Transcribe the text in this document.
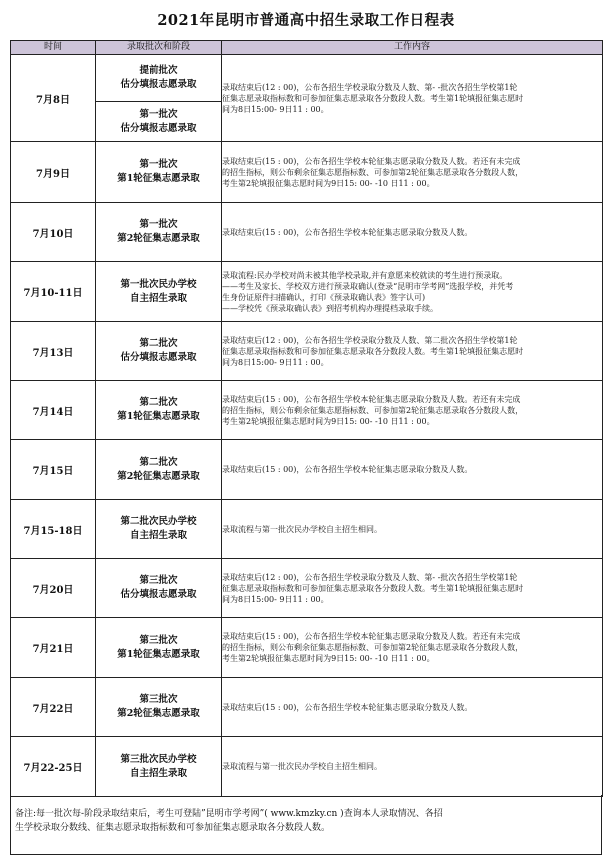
2021年昆明市普通高中招生录取工作日程表
时间	录取批次和阶段	工作内容
7月8日	提前批次
估分填报志愿录取	录取结束后(12 : 00)，公布各招生学校录取分数及人数、第- -批次各招生学校第1轮
征集志愿录取指标数和可参加征集志愿录取各分数段人数。考生第1轮填报征集志愿时
间为8日15:00- 9日11 : 00。

	第一批次
估分填报志愿录取	

7月9日	第一批次
第1轮征集志愿录取	录取结束后(15 : 00)，公布各招生学校本轮征集志愿录取分数及人数。若还有未完成
的招生指标，则公布剩余征集志愿指标数、可参加第2轮征集志愿录取各分数段人数，
考生第2轮填报征集志愿时间为9日15: 00- -10 日11 : 00。

7月10日	第一批次
第2轮征集志愿录取	录取结束后(15 : 00)，公布各招生学校本轮征集志愿录取分数及人数。

7月10-11日	第一批次民办学校
自主招生录取	录取流程:民办学校对尚未被其他学校录取,并有意愿来校就读的考生进行预录取。
——考生及家长、学校双方进行预录取确认(登录“昆明市学考网”选报学校，并凭考
生身份证原件扫描确认，打印《预录取确认表》签字认可)
——学校凭《预录取确认表》到招考机构办理提档录取手续。

7月13日	第二批次
估分填报志愿录取	录取结束后(12 : 00)，公布各招生学校录取分数及人数、第二批次各招生学校第1轮
征集志愿录取指标数和可参加征集志愿录取各分数段人数。考生第1轮填报征集志愿时
间为8日15:00- 9日11 : 00。

7月14日	第二批次
第1轮征集志愿录取	录取结束后(15 : 00)，公布各招生学校本轮征集志愿录取分数及人数。若还有未完成
的招生指标，则公布剩余征集志愿指标数、可参加第2轮征集志愿录取各分数段人数，
考生第2轮填报征集志愿时间为9日15: 00- -10 日11 : 00。

7月15日	第二批次
第2轮征集志愿录取	录取结束后(15 : 00)，公布各招生学校本轮征集志愿录取分数及人数。

7月15-18日	第二批次民办学校
自主招生录取	录取流程与第一批次民办学校自主招生相同。

7月20日	第三批次
估分填报志愿录取	录取结束后(12 : 00)，公布各招生学校录取分数及人数、第- -批次各招生学校第1轮
征集志愿录取指标数和可参加征集志愿录取各分数段人数。考生第1轮填报征集志愿时
间为8日15:00- 9日11 : 00。

7月21日	第三批次
第1轮征集志愿录取	录取结束后(15 : 00)，公布各招生学校本轮征集志愿录取分数及人数。若还有未完成
的招生指标，则公布剩余征集志愿指标数、可参加第2轮征集志愿录取各分数段人数，
考生第2轮填报征集志愿时间为9日15: 00- -10 日11 : 00。

7月22日	第三批次
第2轮征集志愿录取	录取结束后(15 : 00)，公布各招生学校本轮征集志愿录取分数及人数。

7月22-25日	第三批次民办学校
自主招生录取	录取流程与第一批次民办学校自主招生相同。
备注:每一批次每-阶段录取结束后，考生可登陆”昆明市学考网”( www.kmzky.cn )查询本人录取情况、各招
生学校录取分数线、征集志愿录取指标数和可参加征集志愿录取各分数段人数。
